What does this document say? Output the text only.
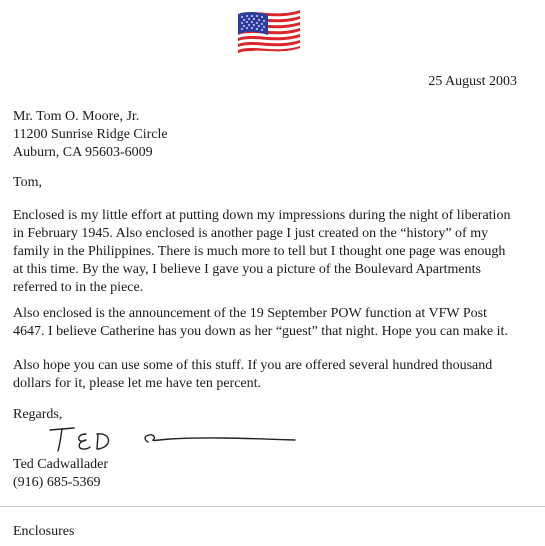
25 August 2003
Mr. Tom O. Moore, Jr.
11200 Sunrise Ridge Circle
Auburn, CA 95603-6009
Tom,
Enclosed is my little effort at putting down my impressions during the night of liberation
in February 1945. Also enclosed is another page I just created on the “history” of my
family in the Philippines. There is much more to tell but I thought one page was enough
at this time. By the way, I believe I gave you a picture of the Boulevard Apartments
referred to in the piece.
Also enclosed is the announcement of the 19 September POW function at VFW Post
4647. I believe Catherine has you down as her “guest” that night. Hope you can make it.
Also hope you can use some of this stuff. If you are offered several hundred thousand
dollars for it, please let me have ten percent.
Regards,
Ted Cadwallader
(916) 685-5369
Enclosures
